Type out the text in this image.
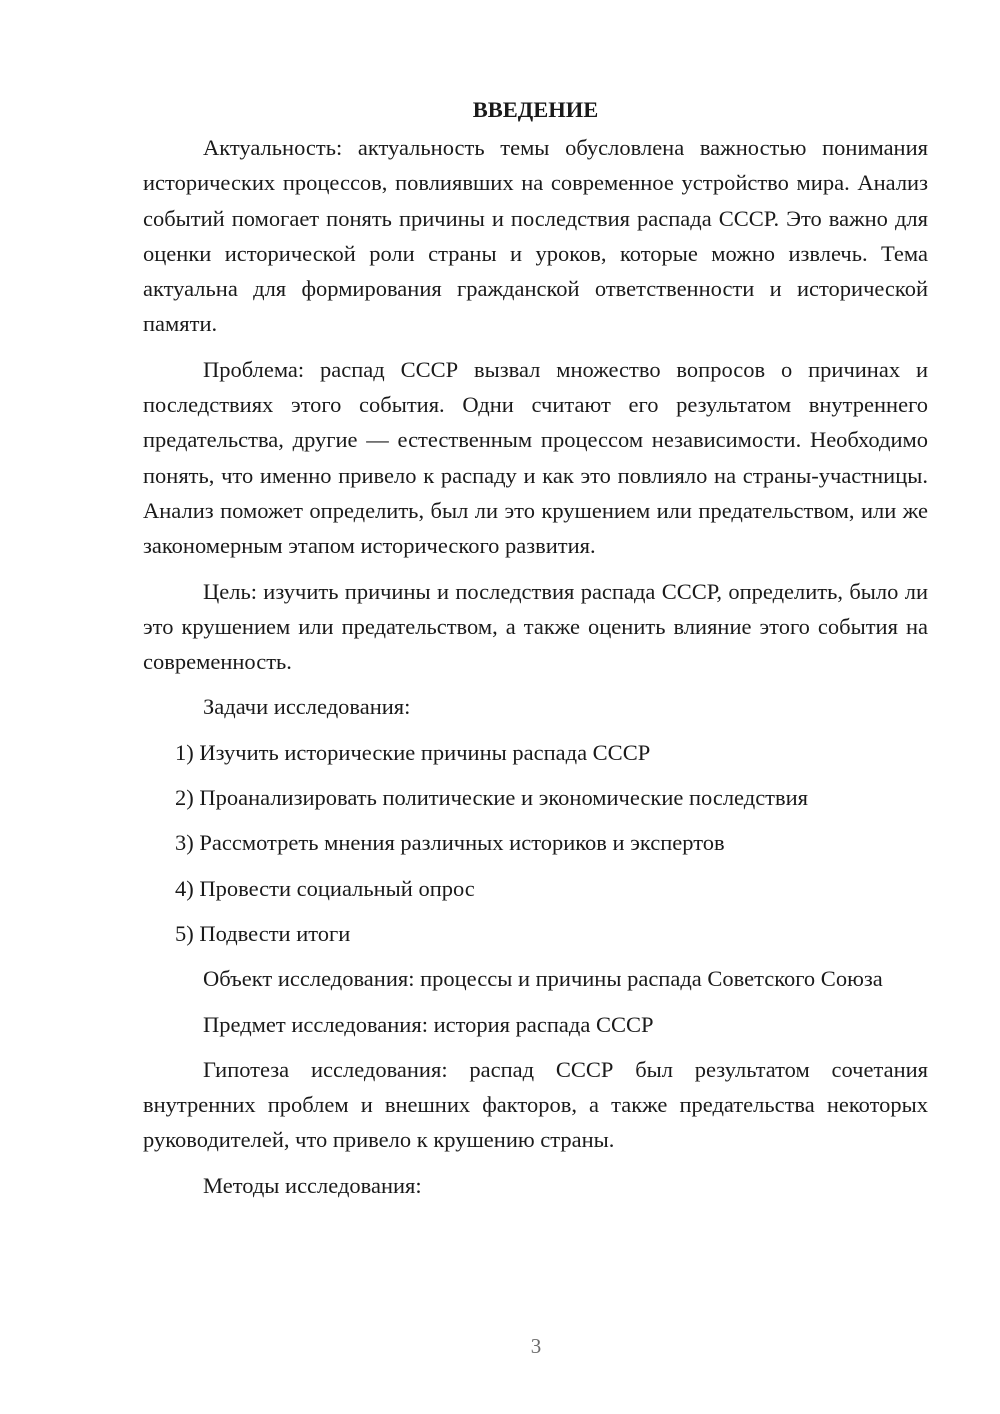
ВВЕДЕНИЕ

Актуальность: актуальность темы обусловлена важностью понимания исторических процессов, повлиявших на современное устройство мира. Анализ событий помогает понять причины и последствия распада СССР. Это важно для оценки исторической роли страны и уроков, которые можно извлечь. Тема актуальна для формирования гражданской ответственности и исторической памяти.

Проблема: распад СССР вызвал множество вопросов о причинах и последствиях этого события. Одни считают его результатом внутреннего предательства, другие — естественным процессом независимости. Необходимо понять, что именно привело к распаду и как это повлияло на страны-участницы. Анализ поможет определить, был ли это крушением или предательством, или же закономерным этапом исторического развития.

Цель: изучить причины и последствия распада СССР, определить, было ли это крушением или предательством, а также оценить влияние этого события на современность.

Задачи исследования:
1) Изучить исторические причины распада СССР
2) Проанализировать политические и экономические последствия
3) Рассмотреть мнения различных историков и экспертов
4) Провести социальный опрос
5) Подвести итоги

Объект исследования: процессы и причины распада Советского Союза

Предмет исследования: история распада СССР

Гипотеза исследования: распад СССР был результатом сочетания внутренних проблем и внешних факторов, а также предательства некоторых руководителей, что привело к крушению страны.

Методы исследования:
3
